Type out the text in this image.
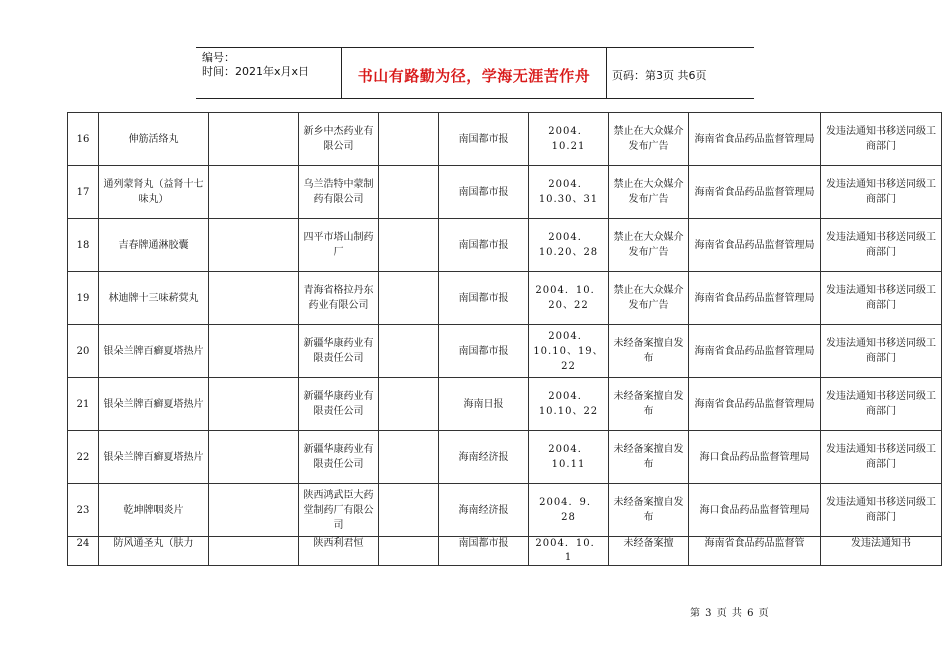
编号：
时间：2021年x月x日	书山有路勤为径，学海无涯苦作舟	页码：第3页 共6页
16	伸筋活络丸		新乡中杰药业有限公司		南国都市报	2004．10.21	禁止在大众媒介发布广告	海南省食品药品监督管理局	发违法通知书移送同级工商部门
17	通列蒙肾丸（益肾十七味丸）		乌兰浩特中蒙制药有限公司		南国都市报	2004．10.30、31	禁止在大众媒介发布广告	海南省食品药品监督管理局	发违法通知书移送同级工商部门
18	吉春牌通淋胶囊		四平市塔山制药厂		南国都市报	2004．10.20、28	禁止在大众媒介发布广告	海南省食品药品监督管理局	发违法通知书移送同级工商部门
19	林迪牌十三味菥蓂丸		青海省格拉丹东药业有限公司		南国都市报	2004．10．20、22	禁止在大众媒介发布广告	海南省食品药品监督管理局	发违法通知书移送同级工商部门
20	银朵兰牌百癣夏塔热片		新疆华康药业有限责任公司		南国都市报	2004．10.10、19、22	未经备案擅自发布	海南省食品药品监督管理局	发违法通知书移送同级工商部门
21	银朵兰牌百癣夏塔热片		新疆华康药业有限责任公司		海南日报	2004．10.10、22	未经备案擅自发布	海南省食品药品监督管理局	发违法通知书移送同级工商部门
22	银朵兰牌百癣夏塔热片		新疆华康药业有限责任公司		海南经济报	2004．10.11	未经备案擅自发布	海口食品药品监督管理局	发违法通知书移送同级工商部门
23	乾坤牌咽炎片		陕西鸿武臣大药堂制药厂有限公司		海南经济报	2004．9．28	未经备案擅自发布	海口食品药品监督管理局	发违法通知书移送同级工商部门
24	防风通圣丸（肤力		陕西利君恒		南国都市报	2004．10．1	未经备案擅	海南省食品药品监督管	发违法通知书
第 3 页 共 6 页
